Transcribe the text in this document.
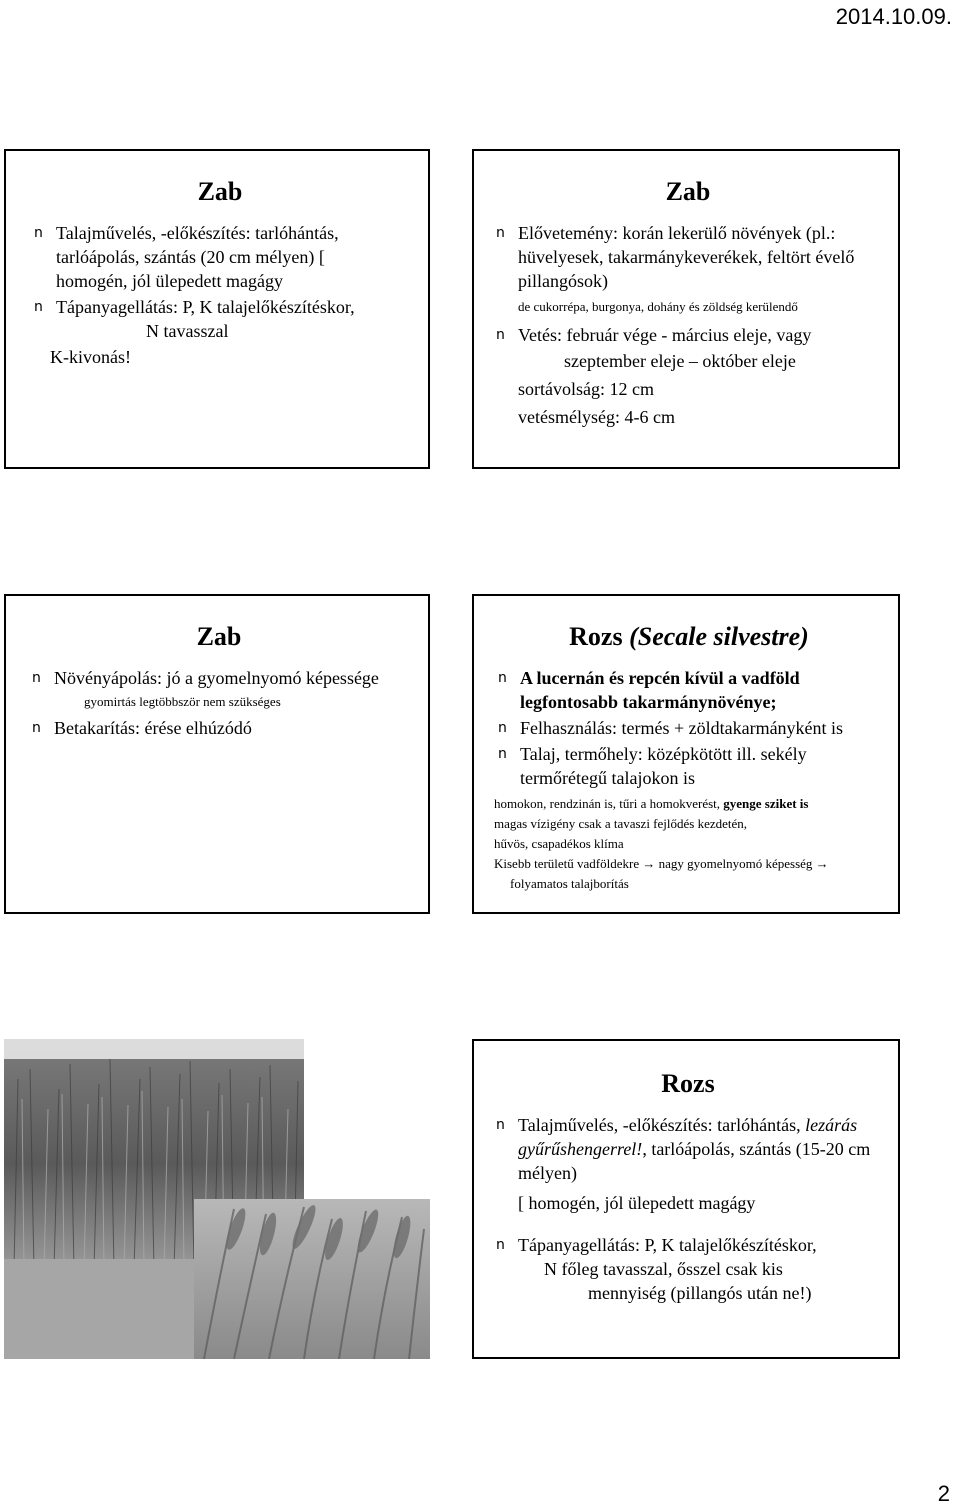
2014.10.09.
Zab
n Talajművelés, -előkészítés: tarlóhántás,
tarlóápolás, szántás (20 cm mélyen) [
homogén, jól ülepedett magágy
n Tápanyagellátás: P, K talajelőkészítéskor,
N tavasszal
K-kivonás!
Zab
n Elővetemény: korán lekerülő növények (pl.:
hüvelyesek, takarmánykeverékek, feltört évelő
pillangósok)
de cukorrépa, burgonya, dohány és zöldség kerülendő
n Vetés: február vége - március eleje, vagy
szeptember eleje – október eleje
sortávolság: 12 cm
vetésmélység: 4-6 cm
Zab
n Növényápolás: jó a gyomelnyomó képessége
gyomirtás legtöbbször nem szükséges
n Betakarítás: érése elhúzódó
Rozs (Secale silvestre)
n A lucernán és repcén kívül a vadföld
legfontosabb takarmánynövénye;
n Felhasználás: termés + zöldtakarmányként is
n Talaj, termőhely: középkötött ill. sekély
termőrétegű talajokon is
homokon, rendzinán is, tűri a homokverést, gyenge sziket is
magas vízigény csak a tavaszi fejlődés kezdetén,
hűvös, csapadékos klíma
Kisebb területű vadföldekre → nagy gyomelnyomó képesség →
folyamatos talajborítás
Rozs
n Talajművelés, -előkészítés: tarlóhántás, lezárás gyűrűshengerrel!, tarlóápolás, szántás (15-20 cm mélyen)
[ homogén, jól ülepedett magágy
n Tápanyagellátás: P, K talajelőkészítéskor,
N főleg tavasszal, ősszel csak kis
mennyiség (pillangós után ne!)
2
